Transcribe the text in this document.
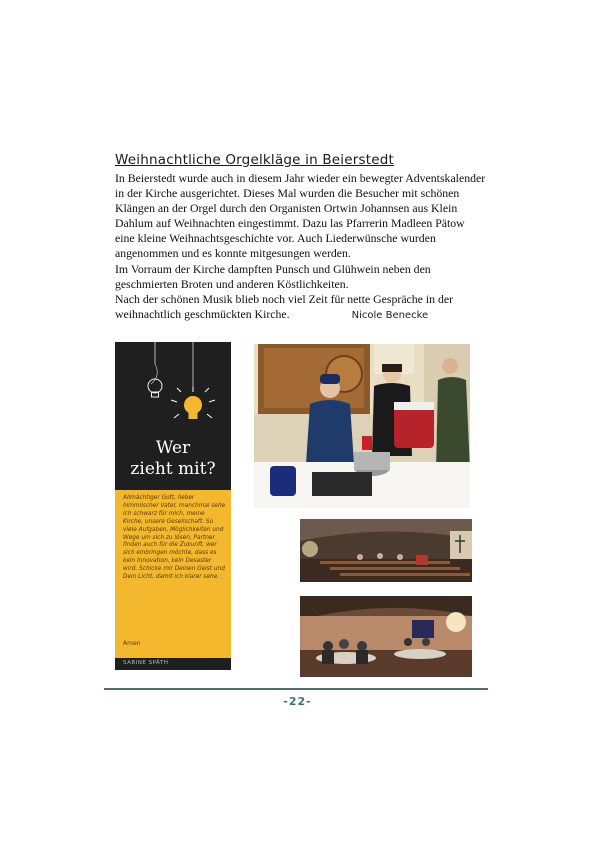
Weihnachtliche Orgelkläge in Beierstedt

In Beierstedt wurde auch in diesem Jahr wieder ein bewegter Adventskalender in der Kirche ausgerichtet. Dieses Mal wurden die Besucher mit schönen Klängen an der Orgel durch den Organisten Ortwin Johannsen aus Klein Dahlum auf Weihnachten eingestimmt. Dazu las Pfarrerin Madleen Pätow eine kleine Weihnachtsgeschichte vor. Auch Liederwünsche wurden angenommen und es konnte mitgesungen werden.

Im Vorraum der Kirche dampften Punsch und Glühwein neben den geschmierten Broten und anderen Köstlichkeiten.

Nach der schönen Musik blieb noch viel Zeit für nette Gespräche in der weihnachtlich geschmückten Kirche.	Nicole Benecke

Wer
zieht mit?
Allmächtiger Gott, lieber himmlischer Vater, manchmal sehe ich schwarz für mich, meine Kirche, unsere Gesellschaft. So viele Aufgaben, Möglichkeiten und Wege um sich zu lösen, Partner finden auch für die Zukunft, wer sich einbringen möchte, dass es kein Innovation, kein Desaster wird. Schicke mir Deinen Geist und Dein Licht, damit ich klarer sehe.
Amen
SABINE SPÄTH
-22-
